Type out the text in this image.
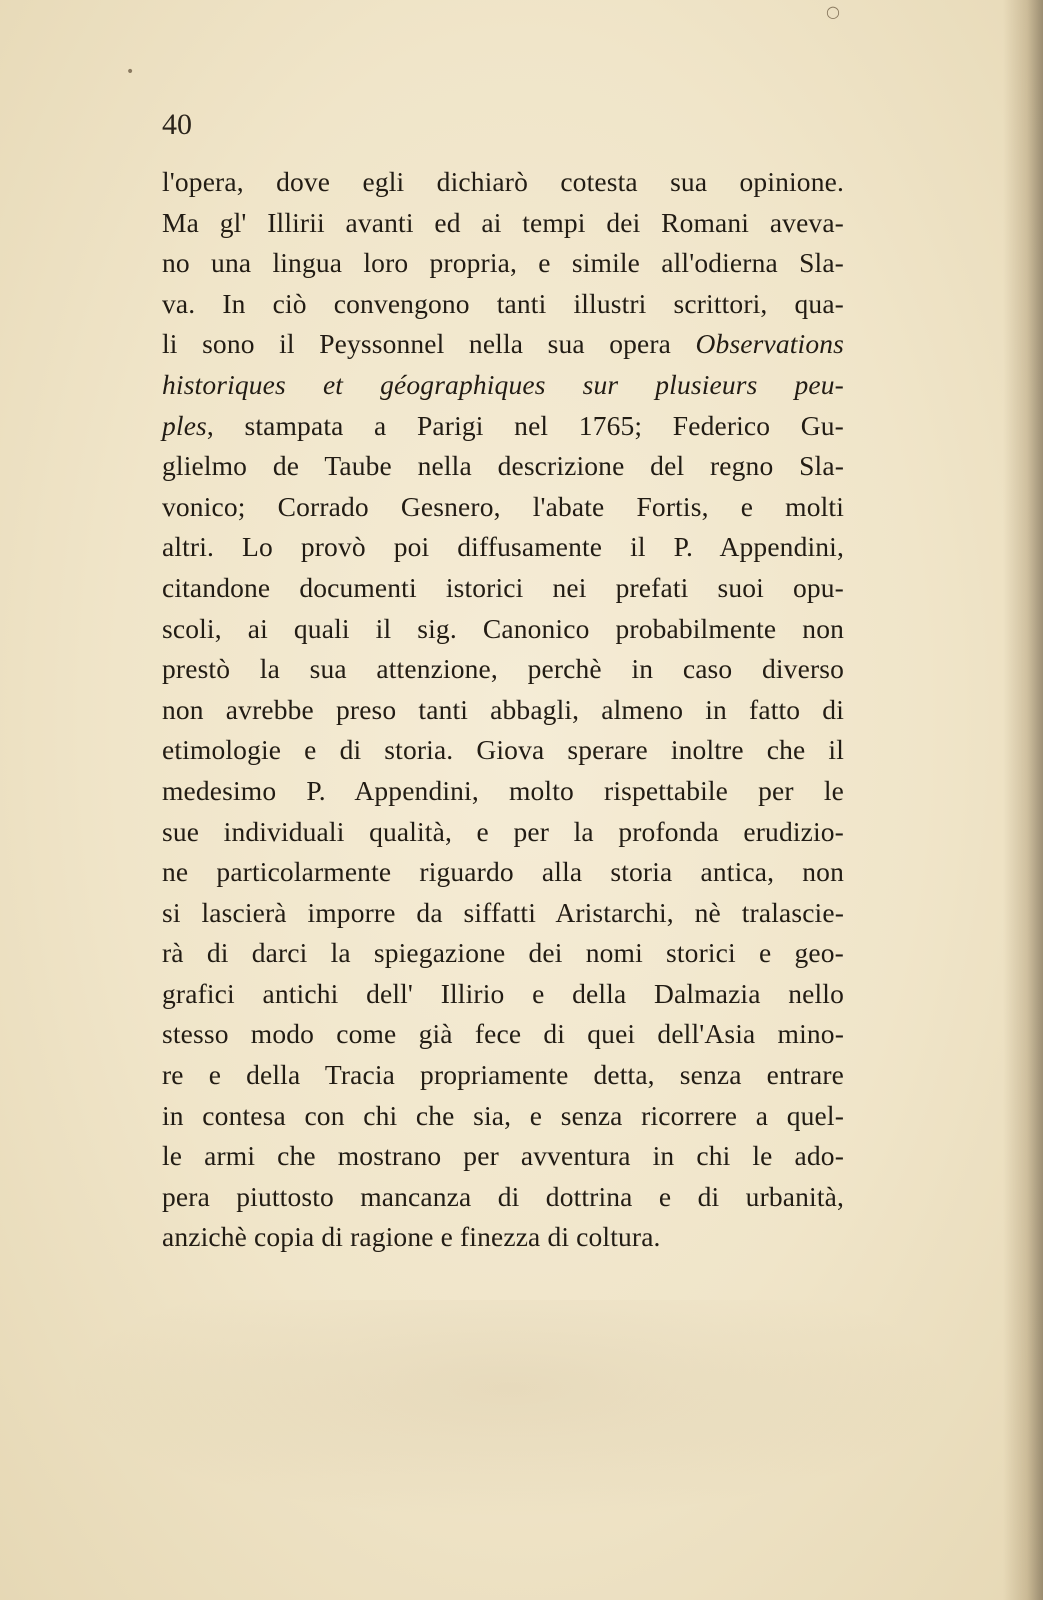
○
•
40
l'opera, dove egli dichiarò cotesta sua opinione.
Ma gl' Illirii avanti ed ai tempi dei Romani aveva-
no una lingua loro propria, e simile all'odierna Sla-
va. In ciò convengono tanti illustri scrittori, qua-
li sono il Peyssonnel nella sua opera Observations
historiques et géographiques sur plusieurs peu-
ples, stampata a Parigi nel 1765; Federico Gu-
glielmo de Taube nella descrizione del regno Sla-
vonico; Corrado Gesnero, l'abate Fortis, e molti
altri. Lo provò poi diffusamente il P. Appendini,
citandone documenti istorici nei prefati suoi opu-
scoli, ai quali il sig. Canonico probabilmente non
prestò la sua attenzione, perchè in caso diverso
non avrebbe preso tanti abbagli, almeno in fatto di
etimologie e di storia. Giova sperare inoltre che il
medesimo P. Appendini, molto rispettabile per le
sue individuali qualità, e per la profonda erudizio-
ne particolarmente riguardo alla storia antica, non
si lascierà imporre da siffatti Aristarchi, nè tralascie-
rà di darci la spiegazione dei nomi storici e geo-
grafici antichi dell' Illirio e della Dalmazia nello
stesso modo come già fece di quei dell'Asia mino-
re e della Tracia propriamente detta, senza entrare
in contesa con chi che sia, e senza ricorrere a quel-
le armi che mostrano per avventura in chi le ado-
pera piuttosto mancanza di dottrina e di urbanità,
anzichè copia di ragione e finezza di coltura.
